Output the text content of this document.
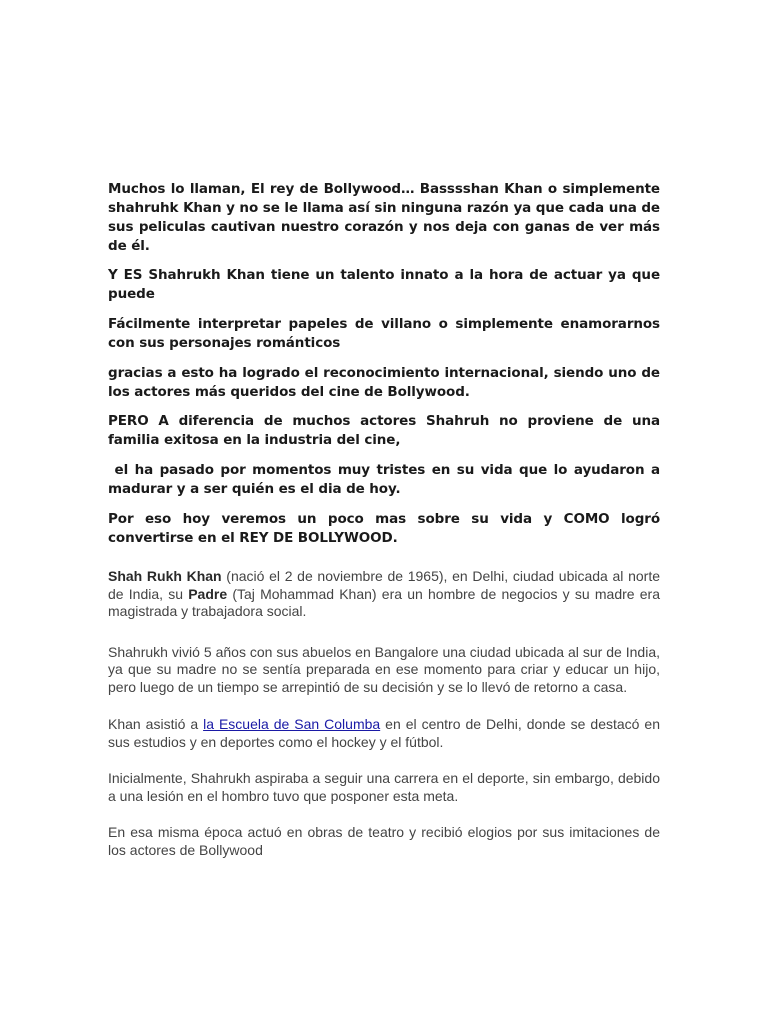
Muchos lo llaman, El rey de Bollywood… Basssshan Khan o simplemente shahruhk Khan y no se le llama así sin ninguna razón ya que cada una de sus peliculas cautivan nuestro corazón y nos deja con ganas de ver más de él.

Y ES Shahrukh Khan tiene un talento innato a la hora de actuar ya que puede

Fácilmente interpretar papeles de villano o simplemente enamorarnos con sus personajes románticos

gracias a esto ha logrado el reconocimiento internacional, siendo uno de los actores más queridos del cine de Bollywood.

PERO A diferencia de muchos actores Shahruh no proviene de una familia exitosa en la industria del cine,

el ha pasado por momentos muy tristes en su vida que lo ayudaron a madurar y a ser quién es el dia de hoy.

Por eso hoy veremos un poco mas sobre su vida y COMO logró convertirse en el REY DE BOLLYWOOD.

Shah Rukh Khan (nació el 2 de noviembre de 1965), en Delhi, ciudad ubicada al norte de India, su Padre (Taj Mohammad Khan) era un hombre de negocios y su madre era magistrada y trabajadora social.

Shahrukh vivió 5 años con sus abuelos en Bangalore una ciudad ubicada al sur de India, ya que su madre no se sentía preparada en ese momento para criar y educar un hijo, pero luego de un tiempo se arrepintió de su decisión y se lo llevó de retorno a casa.

Khan asistió a la Escuela de San Columba en el centro de Delhi, donde se destacó en sus estudios y en deportes como el hockey y el fútbol.

Inicialmente, Shahrukh aspiraba a seguir una carrera en el deporte, sin embargo, debido a una lesión en el hombro tuvo que posponer esta meta.

En esa misma época actuó en obras de teatro y recibió elogios por sus imitaciones de los actores de Bollywood
